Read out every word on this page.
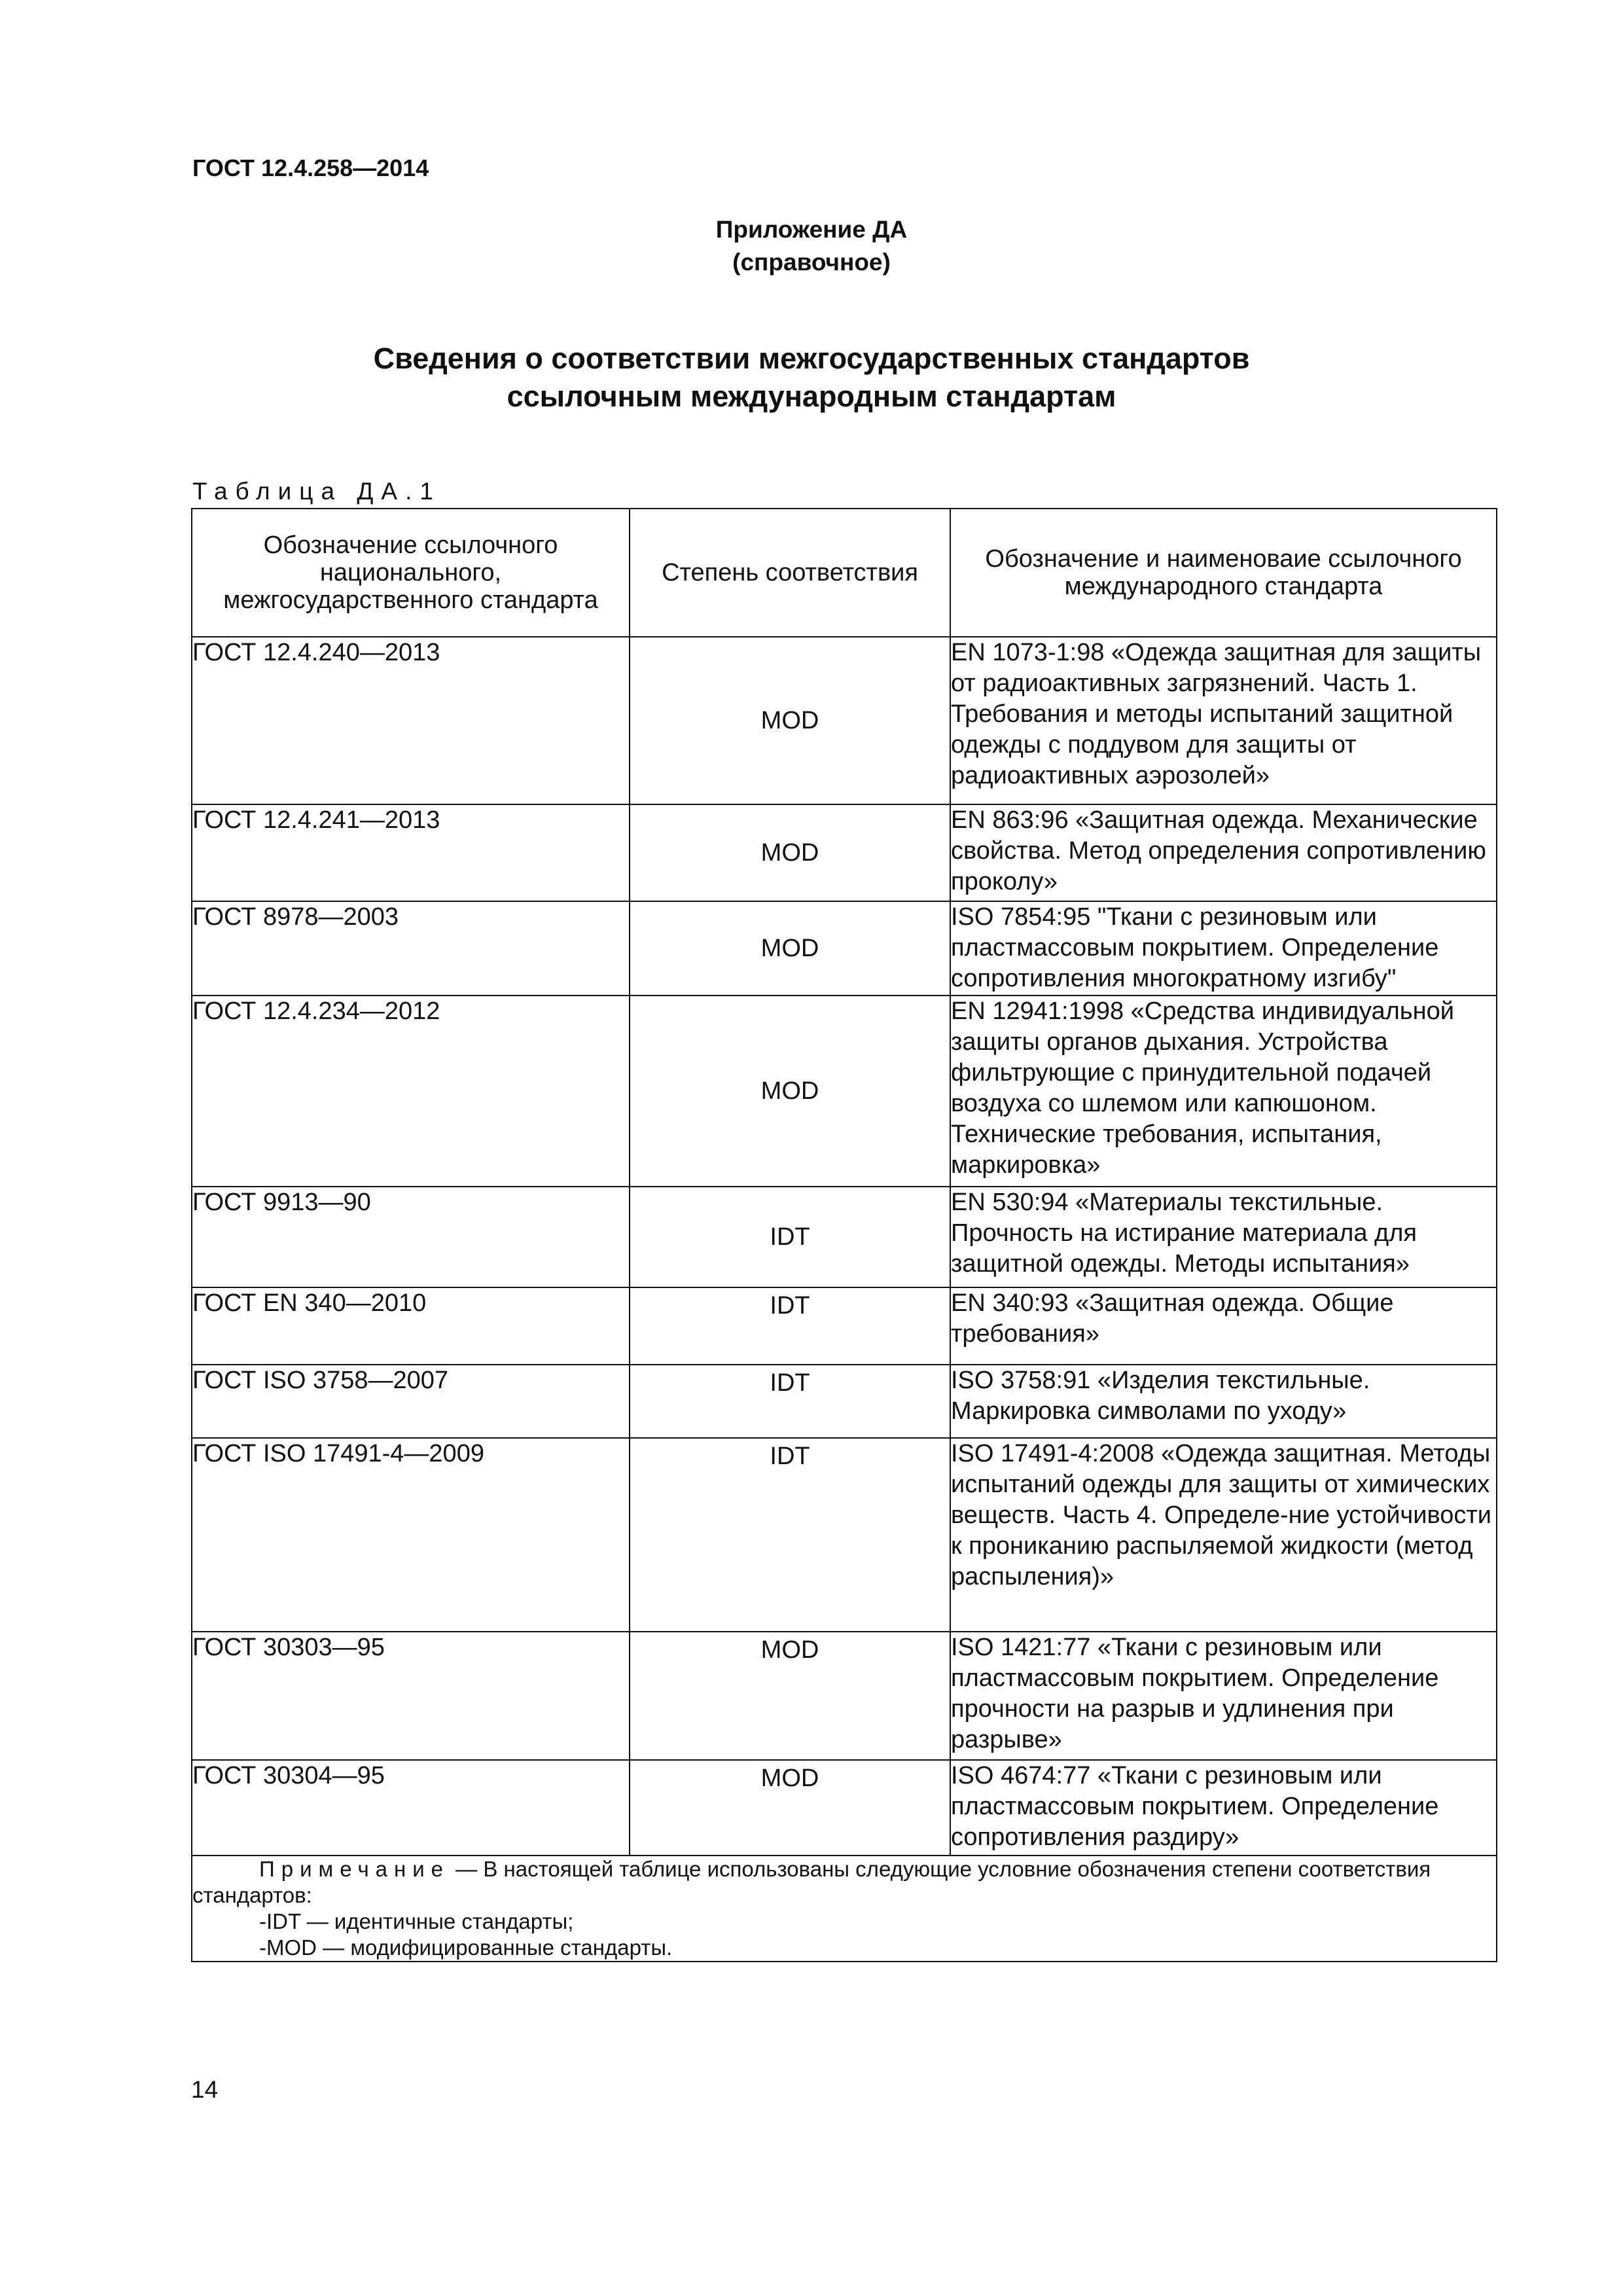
ГОСТ 12.4.258—2014
Приложение ДА
(справочное)
Сведения о соответствии межгосударственных стандартов
ссылочным международным стандартам
Таблица ДА.1
Обозначение ссылочного национального, межгосударственного стандарта	Степень соответствия	Обозначение и наименоваие ссылочного международного стандарта
ГОСТ 12.4.240—2013	MOD	EN 1073-1:98 «Одежда защитная для защиты от радиоактивных загрязнений. Часть 1. Требования и методы испытаний защитной одежды с поддувом для защиты от радиоактивных аэрозолей»
ГОСТ 12.4.241—2013	MOD	EN 863:96 «Защитная одежда. Механические свойства. Метод определения сопротивлению проколу»
ГОСТ 8978—2003	MOD	ISO 7854:95 "Ткани с резиновым или пластмассовым покрытием. Определение сопротивления многократному изгибу"
ГОСТ 12.4.234—2012	MOD	EN 12941:1998 «Средства индивидуальной защиты органов дыхания. Устройства фильтрующие с принудительной подачей воздуха со шлемом или капюшоном. Технические требования, испытания, маркировка»
ГОСТ 9913—90	IDT	EN 530:94 «Материалы текстильные. Прочность на истирание материала для защитной одежды. Методы испытания»
ГОСТ EN 340—2010	IDT	EN 340:93 «Защитная одежда. Общие требования»
ГОСТ ISO 3758—2007	IDT	ISO 3758:91 «Изделия текстильные. Маркировка символами по уходу»
ГОСТ ISO 17491-4—2009	IDT	ISO 17491-4:2008 «Одежда защитная. Методы испытаний одежды для защиты от химических веществ. Часть 4. Определе-ние устойчивости к прониканию распыляемой жидкости (метод распыления)»
ГОСТ 30303—95	MOD	ISO 1421:77 «Ткани с резиновым или пластмассовым покрытием. Определение прочности на разрыв и удлинения при разрыве»
ГОСТ 30304—95	MOD	ISO 4674:77 «Ткани с резиновым или пластмассовым покрытием. Определение сопротивления раздиру»

Примечание — В настоящей таблице использованы следующие условние обозначения степени соответствия стандартов:
-IDT — идентичные стандарты;
-MOD — модифицированные стандарты.		
14
